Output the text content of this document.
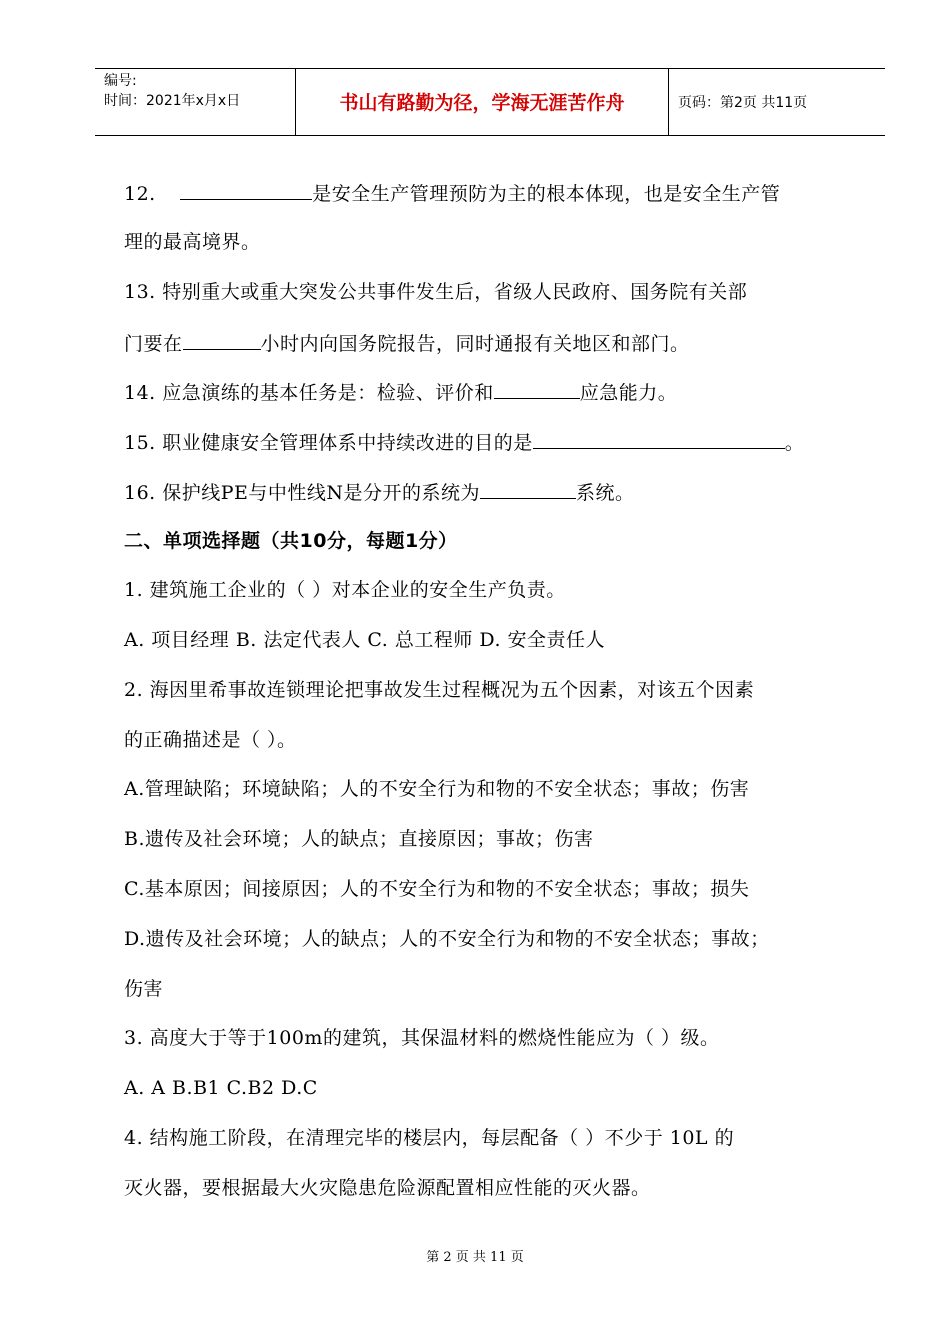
编号:
时间：2021年x月x日	书山有路勤为径，学海无涯苦作舟	页码：第2页 共11页
12.	是安全生产管理预防为主的根本体现，也是安全生产管
理的最高境界。
13. 特别重大或重大突发公共事件发生后，省级人民政府、国务院有关部
门要在	小时内向国务院报告，同时通报有关地区和部门。
14. 应急演练的基本任务是：检验、评价和	应急能力。
15. 职业健康安全管理体系中持续改进的目的是	。
16. 保护线PE与中性线N是分开的系统为	系统。
二、单项选择题（共10分，每题1分）
1. 建筑施工企业的（ ）对本企业的安全生产负责。
A. 项目经理 B. 法定代表人 C. 总工程师 D. 安全责任人
2. 海因里希事故连锁理论把事故发生过程概况为五个因素，对该五个因素
的正确描述是（ ）。
A.管理缺陷；环境缺陷；人的不安全行为和物的不安全状态；事故；伤害
B.遗传及社会环境；人的缺点；直接原因；事故；伤害
C.基本原因；间接原因；人的不安全行为和物的不安全状态；事故；损失
D.遗传及社会环境；人的缺点；人的不安全行为和物的不安全状态；事故；
伤害
3. 高度大于等于100m的建筑，其保温材料的燃烧性能应为（ ）级。
A. A B.B1 C.B2 D.C
4. 结构施工阶段，在清理完毕的楼层内，每层配备（ ）不少于 10L 的
灭火器，要根据最大火灾隐患危险源配置相应性能的灭火器。
第 2 页 共 11 页
